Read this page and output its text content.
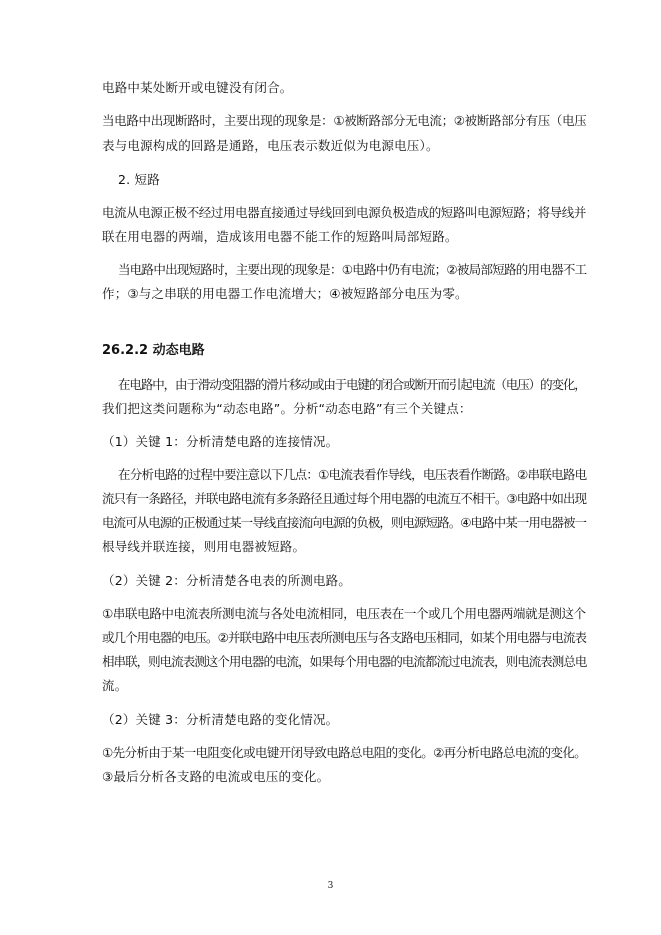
电路中某处断开或电键没有闭合。

当电路中出现断路时，主要出现的现象是：①被断路部分无电流；②被断路部分有压（电压

表与电源构成的回路是通路，电压表示数近似为电源电压）。

2. 短路

电流从电源正极不经过用电器直接通过导线回到电源负极造成的短路叫电源短路；将导线并

联在用电器的两端，造成该用电器不能工作的短路叫局部短路。

当电路中出现短路时，主要出现的现象是：①电路中仍有电流；②被局部短路的用电器不工

作；③与之串联的用电器工作电流增大；④被短路部分电压为零。

26.2.2 动态电路

在电路中，由于滑动变阻器的滑片移动或由于电键的闭合或断开而引起电流（电压）的变化，

我们把这类问题称为“动态电路”。分析“动态电路”有三个关键点：

（1）关键 1：分析清楚电路的连接情况。

在分析电路的过程中要注意以下几点：①电流表看作导线，电压表看作断路。②串联电路电

流只有一条路径，并联电路电流有多条路径且通过每个用电器的电流互不相干。③电路中如出现

电流可从电源的正极通过某一导线直接流向电源的负极，则电源短路。④电路中某一用电器被一

根导线并联连接，则用电器被短路。

（2）关键 2：分析清楚各电表的所测电路。

①串联电路中电流表所测电流与各处电流相同，电压表在一个或几个用电器两端就是测这个

或几个用电器的电压。②并联电路中电压表所测电压与各支路电压相同，如某个用电器与电流表

相串联，则电流表测这个用电器的电流，如果每个用电器的电流都流过电流表，则电流表测总电

流。

（2）关键 3：分析清楚电路的变化情况。

①先分析由于某一电阻变化或电键开闭导致电路总电阻的变化。②再分析电路总电流的变化。

③最后分析各支路的电流或电压的变化。

3
